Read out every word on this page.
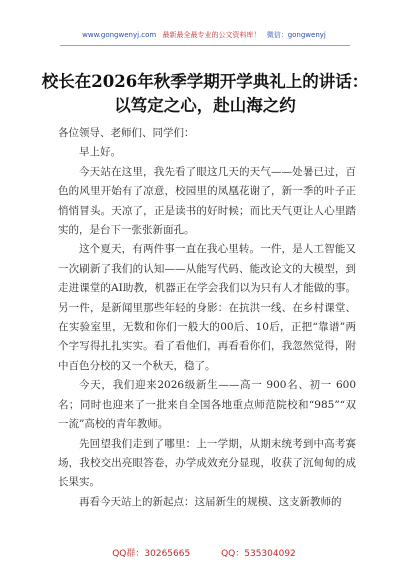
www.gongwenyj.com 最新最全最专业的公文资料库！ 微信：gongwenyj
校长在2026年秋季学期开学典礼上的讲话：
以笃定之心，赴山海之约

各位领导、老师们、同学们：

早上好。

今天站在这里，我先看了眼这几天的天气——处暑已过，百色的风里开始有了凉意，校园里的凤凰花谢了，新一季的叶子正悄悄冒头。天凉了，正是读书的好时候；而比天气更让人心里踏实的，是台下一张张新面孔。

这个夏天，有两件事一直在我心里转。一件，是人工智能又一次刷新了我们的认知——从能写代码、能改论文的大模型，到走进课堂的AI助教，机器正在学会我们以为只有人才能做的事。另一件，是新闻里那些年轻的身影：在抗洪一线、在乡村课堂、在实验室里，无数和你们一般大的00后、10后，正把“靠谱”两个字写得扎扎实实。看了看他们，再看看你们，我忽然觉得，附中百色分校的又一个秋天，稳了。

今天，我们迎来2026级新生——高一 900名、初一 600名；同时也迎来了一批来自全国各地重点师范院校和“985”“双一流”高校的青年教师。

先回望我们走到了哪里：上一学期，从期末统考到中高考赛场，我校交出亮眼答卷，办学成效充分显现，收获了沉甸甸的成长果实。

再看今天站上的新起点：这届新生的规模、这支新教师的

QQ群：30265665	QQ：535304092
